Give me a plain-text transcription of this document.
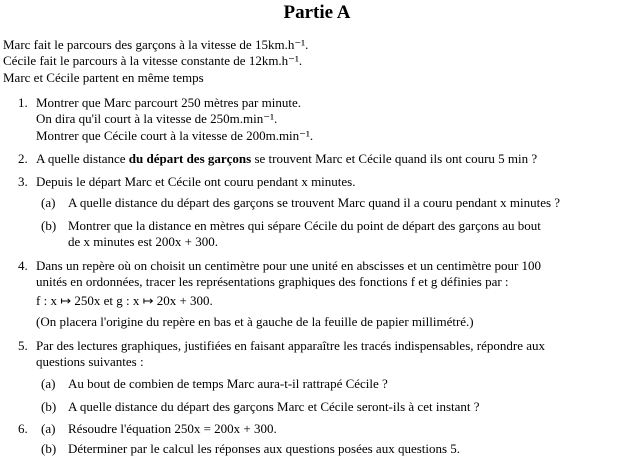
Partie A
Marc fait le parcours des garçons à la vitesse de 15km.h⁻¹.
Cécile fait le parcours à la vitesse constante de 12km.h⁻¹.
Marc et Cécile partent en même temps
1. Montrer que Marc parcourt 250 mètres par minute.
On dira qu'il court à la vitesse de 250m.min⁻¹.
Montrer que Cécile court à la vitesse de 200m.min⁻¹.
2. A quelle distance du départ des garçons se trouvent Marc et Cécile quand ils ont couru 5 min ?
3. Depuis le départ Marc et Cécile ont couru pendant x minutes.
(a) A quelle distance du départ des garçons se trouvent Marc quand il a couru pendant x minutes ?
(b) Montrer que la distance en mètres qui sépare Cécile du point de départ des garçons au bout
de x minutes est 200x + 300.
4. Dans un repère où on choisit un centimètre pour une unité en abscisses et un centimètre pour 100
unités en ordonnées, tracer les représentations graphiques des fonctions f et g définies par :
f : x ↦ 250x et g : x ↦ 20x + 300.
(On placera l'origine du repère en bas et à gauche de la feuille de papier millimétré.)
5. Par des lectures graphiques, justifiées en faisant apparaître les tracés indispensables, répondre aux
questions suivantes :
(a) Au bout de combien de temps Marc aura-t-il rattrapé Cécile ?
(b) A quelle distance du départ des garçons Marc et Cécile seront-ils à cet instant ?
6. (a) Résoudre l'équation 250x = 200x + 300.
(b) Déterminer par le calcul les réponses aux questions posées aux questions 5.
